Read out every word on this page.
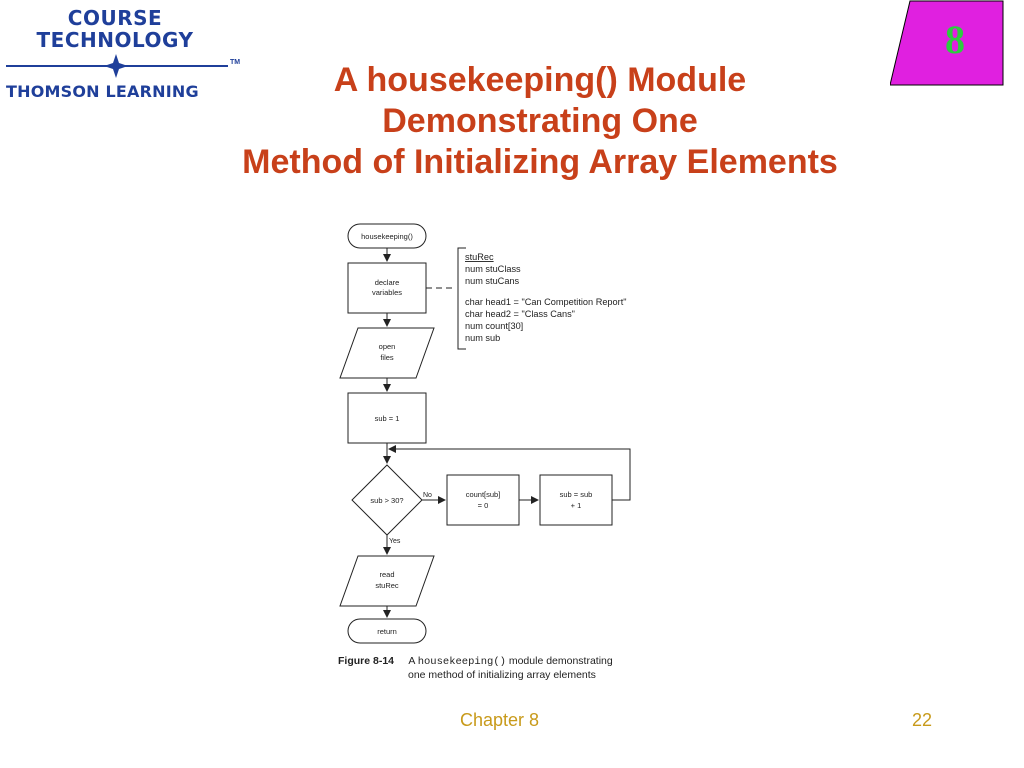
COURSE
TECHNOLOGY
TM
THOMSON LEARNING
8
A housekeeping() Module
Demonstrating One
Method of Initializing Array Elements
housekeeping()
declare
variables
open
files
sub = 1
sub > 30?
count[sub]
= 0
sub = sub
+ 1
read
stuRec
return
No
Yes
stuRec
num stuClass
num stuCans
char head1 = "Can Competition Report"
char head2 = "Class Cans"
num count[30]
num sub
Figure 8-14 A housekeeping() module demonstrating
one method of initializing array elements
Chapter 8	22
